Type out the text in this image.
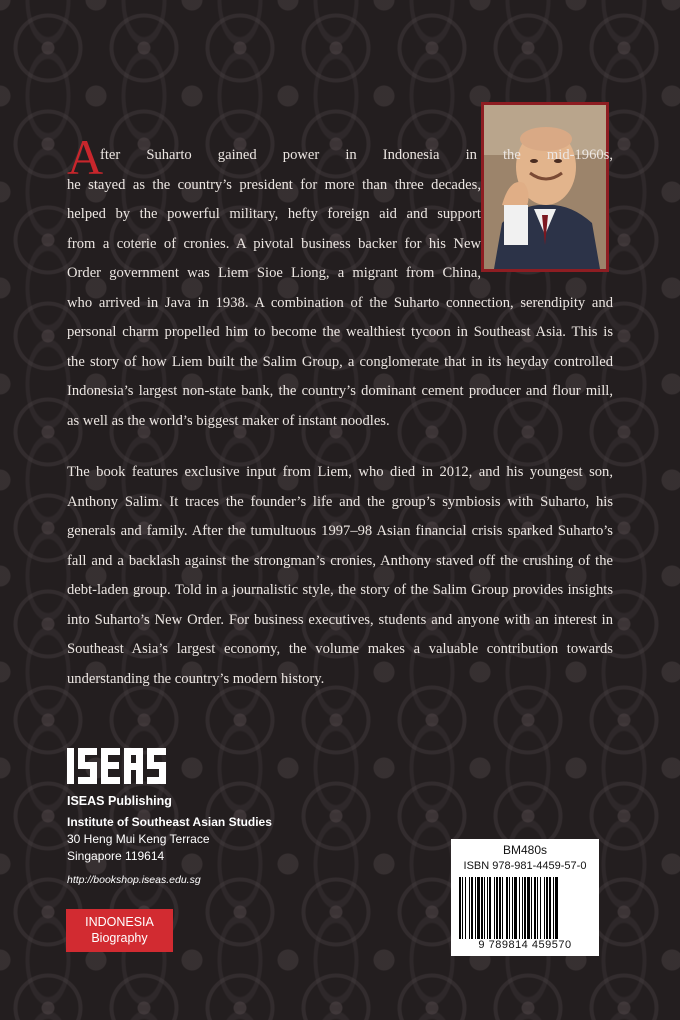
A
fter Suharto gained power in Indonesia in the mid-1960s,
he stayed as the country’s president for more than three decades,
helped by the powerful military, hefty foreign aid and support
from a coterie of cronies. A pivotal business backer for his New
Order government was Liem Sioe Liong, a migrant from China,
who arrived in Java in 1938. A combination of the Suharto connection, serendipity and
personal charm propelled him to become the wealthiest tycoon in Southeast Asia. This is
the story of how Liem built the Salim Group, a conglomerate that in its heyday controlled
Indonesia’s largest non-state bank, the country’s dominant cement producer and flour mill,
as well as the world’s biggest maker of instant noodles.
The book features exclusive input from Liem, who died in 2012, and his youngest son, Anthony Salim. It traces the founder’s life and the group’s symbiosis with Suharto, his generals and family. After the tumultuous 1997–98 Asian financial crisis sparked Suharto’s fall and a backlash against the strongman’s cronies, Anthony staved off the crushing of the debt-laden group. Told in a journalistic style, the story of the Salim Group provides insights into Suharto’s New Order. For business executives, students and anyone with an interest in Southeast Asia’s largest economy, the volume makes a valuable contribution towards understanding the country’s modern history.
ISEAS Publishing
Institute of Southeast Asian Studies
30 Heng Mui Keng Terrace
Singapore 119614
http://bookshop.iseas.edu.sg
INDONESIA
Biography
BM480s
ISBN 978-981-4459-57-0
9 789814 459570
